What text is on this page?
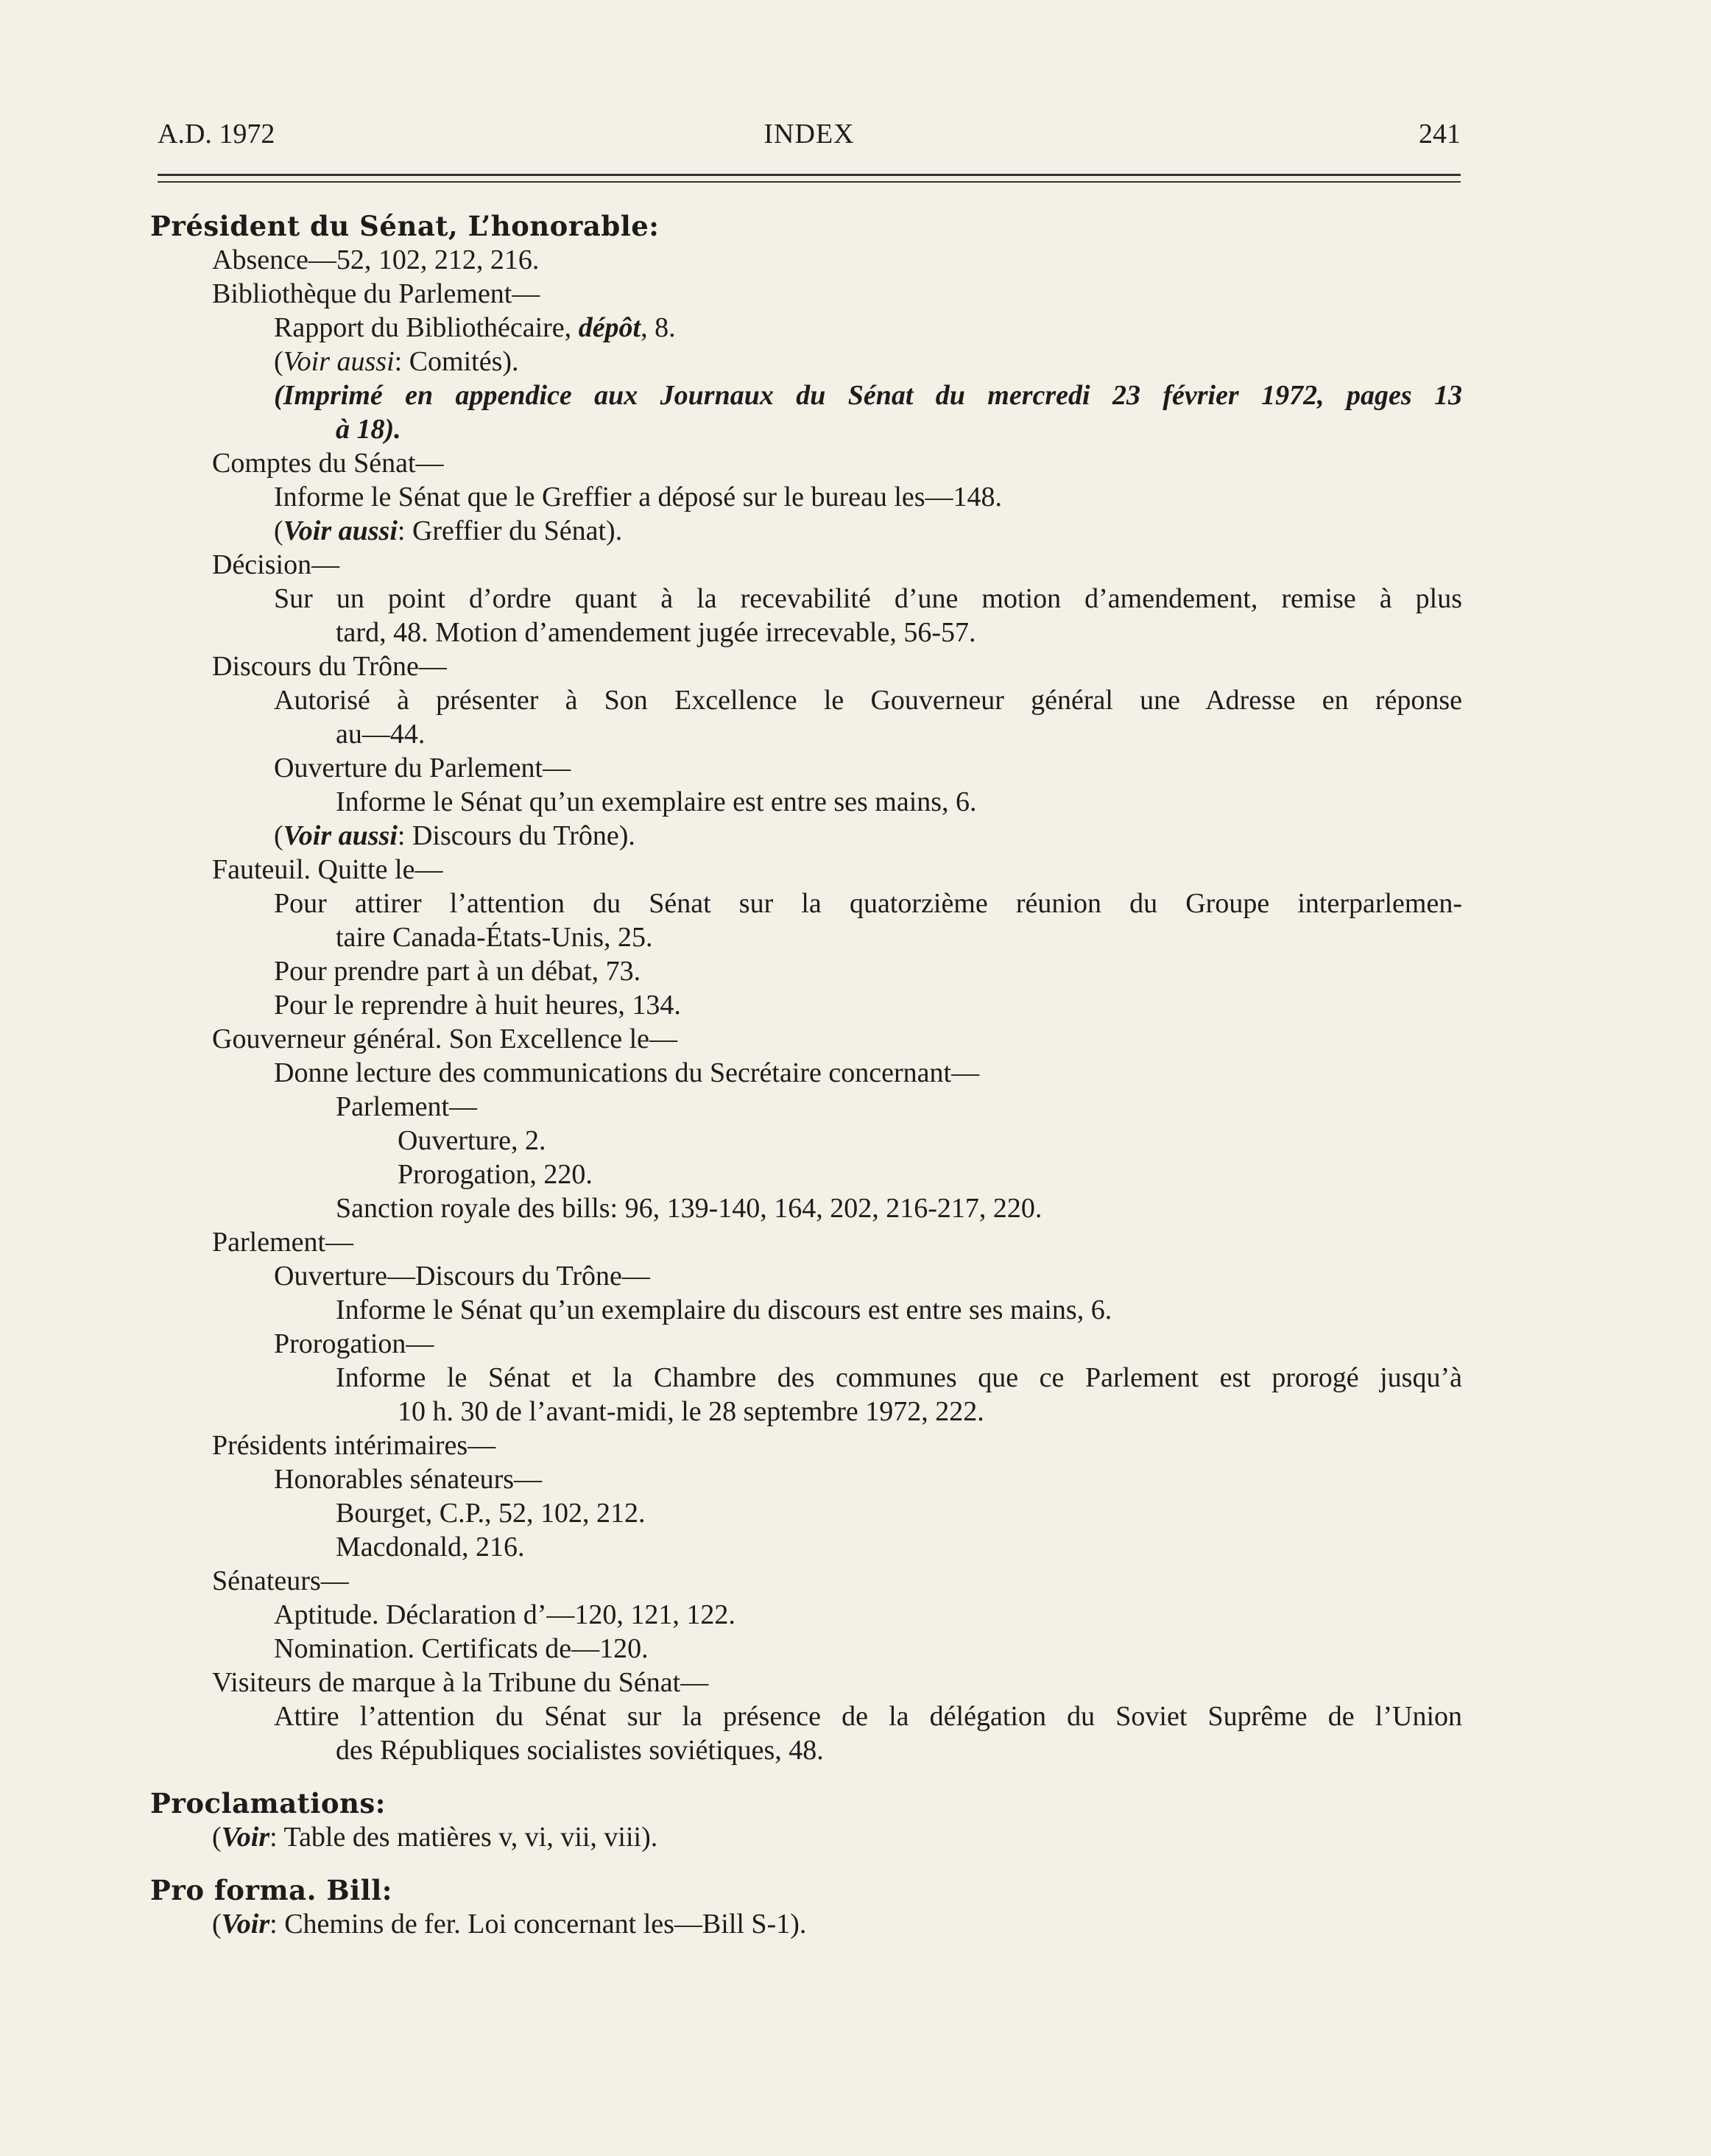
A.D. 1972	INDEX	241
Président du Sénat, L’honorable:
Absence—52, 102, 212, 216.
Bibliothèque du Parlement—
Rapport du Bibliothécaire, dépôt, 8.
(Voir aussi: Comités).
(Imprimé en appendice aux Journaux du Sénat du mercredi 23 février 1972, pages 13
à 18).
Comptes du Sénat—
Informe le Sénat que le Greffier a déposé sur le bureau les—148.
(Voir aussi: Greffier du Sénat).
Décision—
Sur un point d’ordre quant à la recevabilité d’une motion d’amendement, remise à plus
tard, 48. Motion d’amendement jugée irrecevable, 56-57.
Discours du Trône—
Autorisé à présenter à Son Excellence le Gouverneur général une Adresse en réponse
au—44.
Ouverture du Parlement—
Informe le Sénat qu’un exemplaire est entre ses mains, 6.
(Voir aussi: Discours du Trône).
Fauteuil. Quitte le—
Pour attirer l’attention du Sénat sur la quatorzième réunion du Groupe interparlemen-
taire Canada-États-Unis, 25.
Pour prendre part à un débat, 73.
Pour le reprendre à huit heures, 134.
Gouverneur général. Son Excellence le—
Donne lecture des communications du Secrétaire concernant—
Parlement—
Ouverture, 2.
Prorogation, 220.
Sanction royale des bills: 96, 139-140, 164, 202, 216-217, 220.
Parlement—
Ouverture—Discours du Trône—
Informe le Sénat qu’un exemplaire du discours est entre ses mains, 6.
Prorogation—
Informe le Sénat et la Chambre des communes que ce Parlement est prorogé jusqu’à
10 h. 30 de l’avant-midi, le 28 septembre 1972, 222.
Présidents intérimaires—
Honorables sénateurs—
Bourget, C.P., 52, 102, 212.
Macdonald, 216.
Sénateurs—
Aptitude. Déclaration d’—120, 121, 122.
Nomination. Certificats de—120.
Visiteurs de marque à la Tribune du Sénat—
Attire l’attention du Sénat sur la présence de la délégation du Soviet Suprême de l’Union
des Républiques socialistes soviétiques, 48.
Proclamations:
(Voir: Table des matières v, vi, vii, viii).
Pro forma. Bill:
(Voir: Chemins de fer. Loi concernant les—Bill S-1).
